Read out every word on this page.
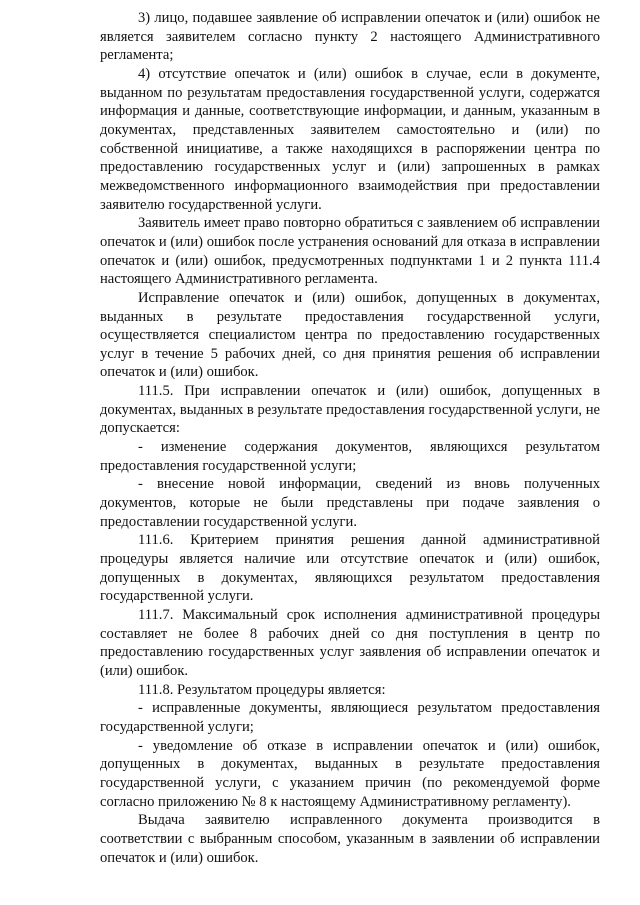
3) лицо, подавшее заявление об исправлении опечаток и (или) ошибок не является заявителем согласно пункту 2 настоящего Административного регламента;

4) отсутствие опечаток и (или) ошибок в случае, если в документе, выданном по результатам предоставления государственной услуги, содержатся информация и данные, соответствующие информации, и данным, указанным в документах, представленных заявителем самостоятельно и (или) по собственной инициативе, а также находящихся в распоряжении центра по предоставлению государственных услуг и (или) запрошенных в рамках межведомственного информационного взаимодействия при предоставлении заявителю государственной услуги.

Заявитель имеет право повторно обратиться с заявлением об исправлении опечаток и (или) ошибок после устранения оснований для отказа в исправлении опечаток и (или) ошибок, предусмотренных подпунктами 1 и 2 пункта 111.4 настоящего Административного регламента.

Исправление опечаток и (или) ошибок, допущенных в документах, выданных в результате предоставления государственной услуги, осуществляется специалистом центра по предоставлению государственных услуг в течение 5 рабочих дней, со дня принятия решения об исправлении опечаток и (или) ошибок.

111.5. При исправлении опечаток и (или) ошибок, допущенных в документах, выданных в результате предоставления государственной услуги, не допускается:

- изменение содержания документов, являющихся результатом предоставления государственной услуги;

- внесение новой информации, сведений из вновь полученных документов, которые не были представлены при подаче заявления о предоставлении государственной услуги.

111.6. Критерием принятия решения данной административной процедуры является наличие или отсутствие опечаток и (или) ошибок, допущенных в документах, являющихся результатом предоставления государственной услуги.

111.7. Максимальный срок исполнения административной процедуры составляет не более 8 рабочих дней со дня поступления в центр по предоставлению государственных услуг заявления об исправлении опечаток и (или) ошибок.

111.8. Результатом процедуры является:

- исправленные документы, являющиеся результатом предоставления государственной услуги;

- уведомление об отказе в исправлении опечаток и (или) ошибок, допущенных в документах, выданных в результате предоставления государственной услуги, с указанием причин (по рекомендуемой форме согласно приложению № 8 к настоящему Административному регламенту).

Выдача заявителю исправленного документа производится в соответствии с выбранным способом, указанным в заявлении об исправлении опечаток и (или) ошибок.
